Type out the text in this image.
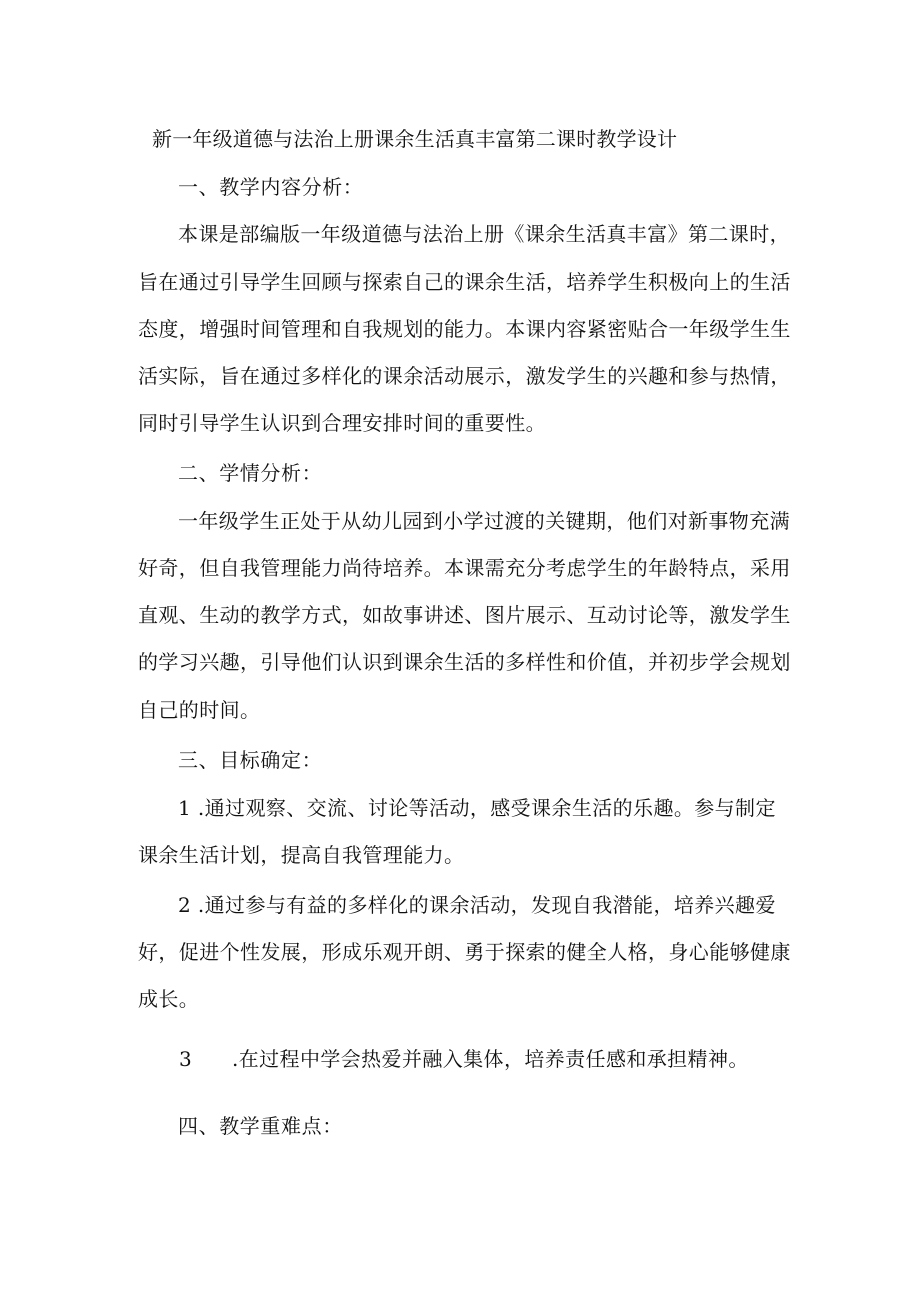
新一年级道德与法治上册课余生活真丰富第二课时教学设计
一、教学内容分析：
本课是部编版一年级道德与法治上册《课余生活真丰富》第二课时，
旨在通过引导学生回顾与探索自己的课余生活，培养学生积极向上的生活
态度，增强时间管理和自我规划的能力。本课内容紧密贴合一年级学生生
活实际，旨在通过多样化的课余活动展示，激发学生的兴趣和参与热情，
同时引导学生认识到合理安排时间的重要性。
二、学情分析：
一年级学生正处于从幼儿园到小学过渡的关键期，他们对新事物充满
好奇，但自我管理能力尚待培养。本课需充分考虑学生的年龄特点，采用
直观、生动的教学方式，如故事讲述、图片展示、互动讨论等，激发学生
的学习兴趣，引导他们认识到课余生活的多样性和价值，并初步学会规划
自己的时间。
三、目标确定：
1 .通过观察、交流、讨论等活动，感受课余生活的乐趣。参与制定
课余生活计划，提高自我管理能力。
2 .通过参与有益的多样化的课余活动，发现自我潜能，培养兴趣爱
好，促进个性发展，形成乐观开朗、勇于探索的健全人格，身心能够健康
成长。
3 .在过程中学会热爱并融入集体，培养责任感和承担精神。
四、教学重难点：
